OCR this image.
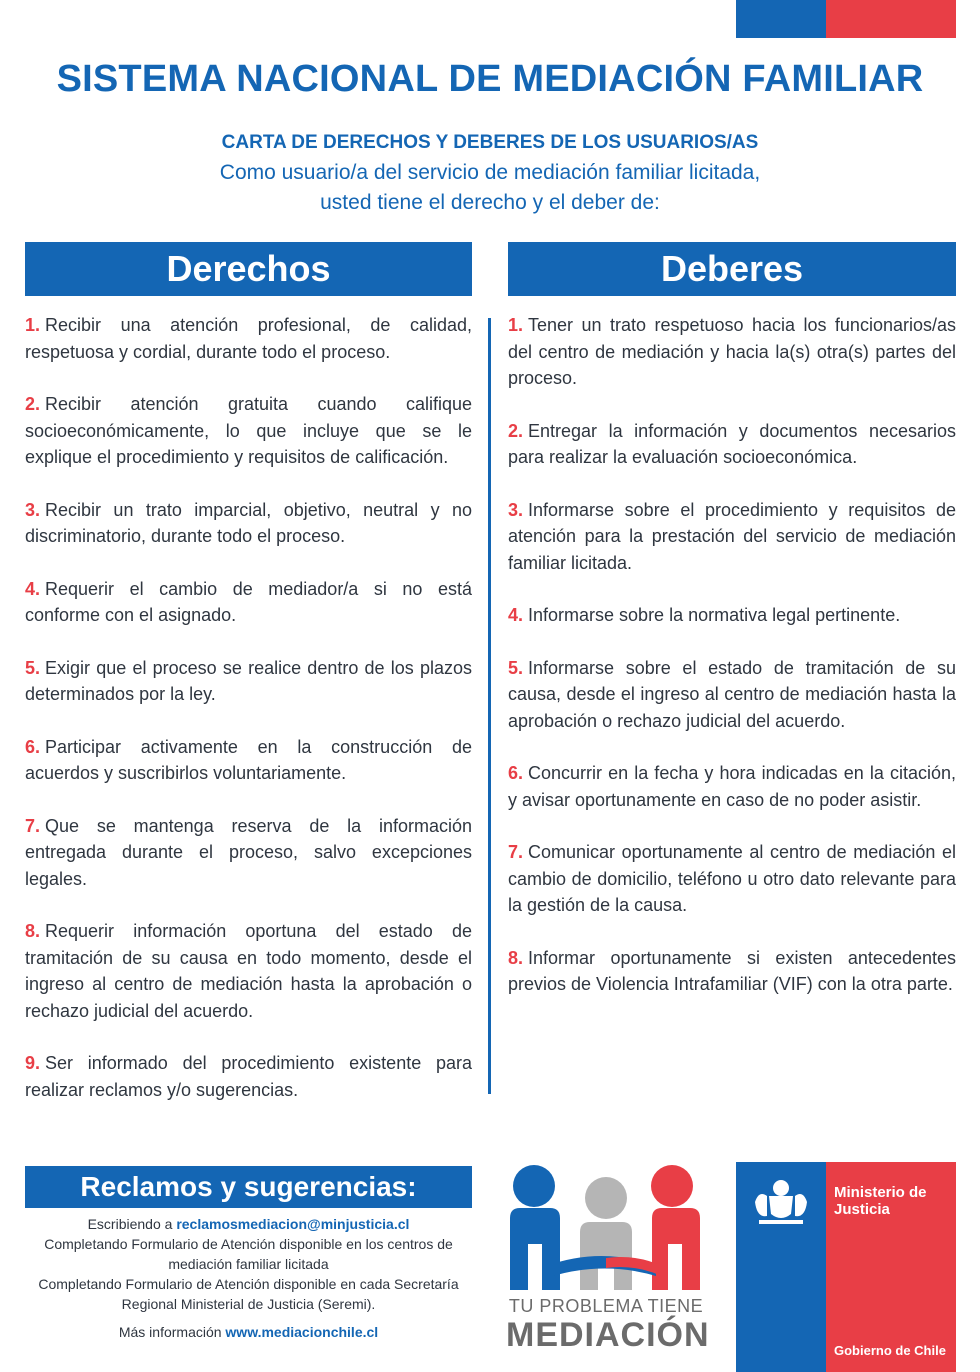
SISTEMA NACIONAL DE MEDIACIÓN FAMILIAR
CARTA DE DERECHOS Y DEBERES DE LOS USUARIOS/AS
Como usuario/a del servicio de mediación familiar licitada,
usted tiene el derecho y el deber de:
Derechos	Deberes
1. Recibir una atención profesional, de calidad, respetuosa y cordial, durante todo el proceso.
2. Recibir atención gratuita cuando califique socioeconómicamente, lo que incluye que se le explique el procedimiento y requisitos de calificación.
3. Recibir un trato imparcial, objetivo, neutral y no discriminatorio, durante todo el proceso.
4. Requerir el cambio de mediador/a si no está conforme con el asignado.
5. Exigir que el proceso se realice dentro de los plazos determinados por la ley.
6. Participar activamente en la construcción de acuerdos y suscribirlos voluntariamente.
7. Que se mantenga reserva de la información entregada durante el proceso, salvo excepciones legales.
8. Requerir información oportuna del estado de tramitación de su causa en todo momento, desde el ingreso al centro de mediación hasta la aprobación o rechazo judicial del acuerdo.
9. Ser informado del procedimiento existente para realizar reclamos y/o sugerencias.
1. Tener un trato respetuoso hacia los funcionarios/as del centro de mediación y hacia la(s) otra(s) partes del proceso.
2. Entregar la información y documentos necesarios para realizar la evaluación socioeconómica.
3. Informarse sobre el procedimiento y requisitos de atención para la prestación del servicio de mediación familiar licitada.
4. Informarse sobre la normativa legal pertinente.
5. Informarse sobre el estado de tramitación de su causa, desde el ingreso al centro de mediación hasta la aprobación o rechazo judicial del acuerdo.
6. Concurrir en la fecha y hora indicadas en la citación, y avisar oportunamente en caso de no poder asistir.
7. Comunicar oportunamente al centro de mediación el cambio de domicilio, teléfono u otro dato relevante para la gestión de la causa.
8. Informar oportunamente si existen antecedentes previos de Violencia Intrafamiliar (VIF) con la otra parte.
Reclamos y sugerencias:
Escribiendo a reclamosmediacion@minjusticia.cl
Completando Formulario de Atención disponible en los centros de mediación familiar licitada
Completando Formulario de Atención disponible en cada Secretaría Regional Ministerial de Justicia (Seremi).
Más información www.mediacionchile.cl
TU PROBLEMA TIENE
MEDIACIÓN
Ministerio de Justicia
Gobierno de Chile
